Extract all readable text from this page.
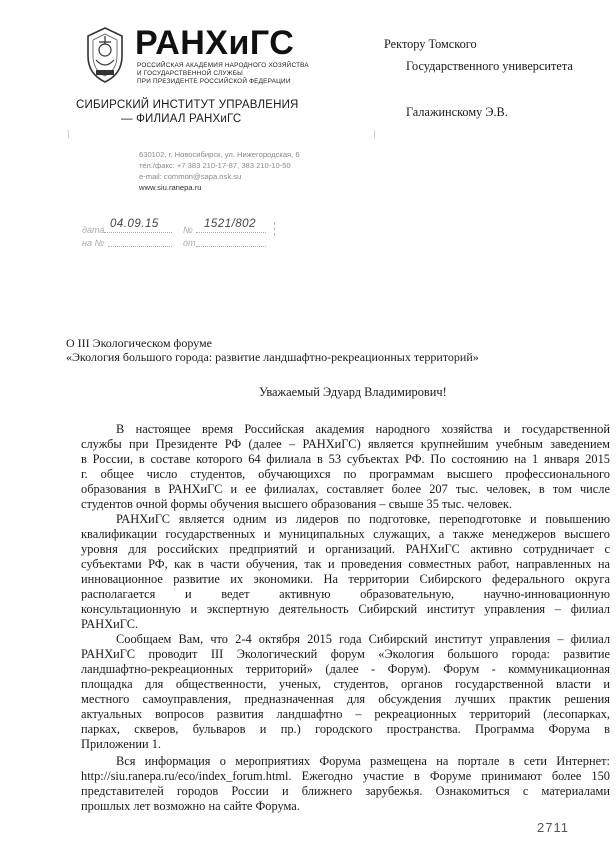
РАНХиГС
РОССИЙСКАЯ АКАДЕМИЯ НАРОДНОГО ХОЗЯЙСТВА
И ГОСУДАРСТВЕННОЙ СЛУЖБЫ
ПРИ ПРЕЗИДЕНТЕ РОССИЙСКОЙ ФЕДЕРАЦИИ
СИБИРСКИЙ ИНСТИТУТ УПРАВЛЕНИЯ
— ФИЛИАЛ РАНХиГС
630102, г. Новосибирск, ул. Нижегородская, 6
тел./факс: +7 383 210-17-87, 383 210-10-50
e-mail: common@sapa.nsk.su
www.siu.ranepa.ru
Ректору Томского
Государственного университета
Галажинскому Э.В.
дата 04.09.15	№ 1521/802
на №	от
О III Экологическом форуме
«Экология большого города: развитие ландшафтно-рекреационных территорий»
Уважаемый Эдуард Владимирович!
В настоящее время Российская академия народного хозяйства и государственной
службы при Президенте РФ (далее – РАНХиГС) является крупнейшим учебным заведением
в России, в составе которого 64 филиала в 53 субъектах РФ. По состоянию на 1 января 2015
г. общее число студентов, обучающихся по программам высшего профессионального
образования в РАНХиГС и ее филиалах, составляет более 207 тыс. человек, в том числе
студентов очной формы обучения высшего образования – свыше 35 тыс. человек.
РАНХиГС является одним из лидеров по подготовке, переподготовке и повышению
квалификации государственных и муниципальных служащих, а также менеджеров высшего
уровня для российских предприятий и организаций. РАНХиГС активно сотрудничает с
субъектами РФ, как в части обучения, так и проведения совместных работ, направленных на
инновационное развитие их экономики. На территории Сибирского федерального округа
располагается и ведет активную образовательную, научно-инновационную
консультационную и экспертную деятельность Сибирский институт управления – филиал
РАНХиГС.
Сообщаем Вам, что 2-4 октября 2015 года Сибирский институт управления – филиал
РАНХиГС проводит III Экологический форум «Экология большого города: развитие
ландшафтно-рекреационных территорий» (далее - Форум). Форум - коммуникационная
площадка для общественности, ученых, студентов, органов государственной власти и
местного самоуправления, предназначенная для обсуждения лучших практик решения
актуальных вопросов развития ландшафтно – рекреационных территорий (лесопарках,
парках, скверов, бульваров и пр.) городского пространства. Программа Форума в
Приложении 1.
Вся информация о мероприятиях Форума размещена на портале в сети Интернет:
http://siu.ranepa.ru/eco/index_forum.html. Ежегодно участие в Форуме принимают более 150
представителей городов России и ближнего зарубежья. Ознакомиться с материалами
прошлых лет возможно на сайте Форума.
2711
